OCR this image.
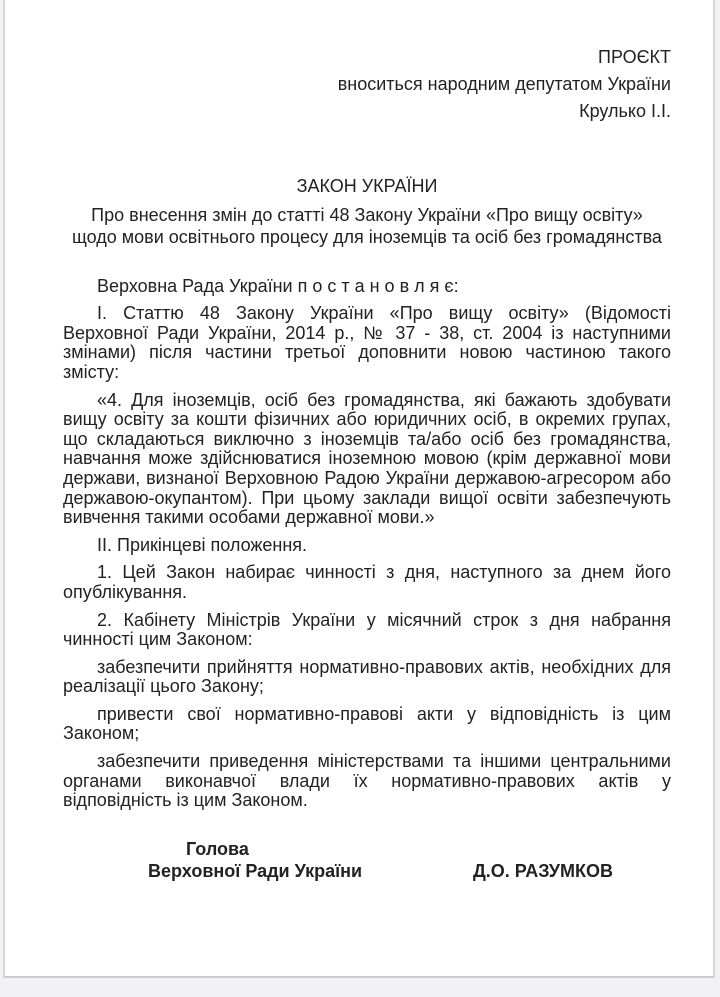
ПРОЄКТ
вноситься народним депутатом України
Крулько І.І.
ЗАКОН УКРАЇНИ
Про внесення змін до статті 48 Закону України «Про вищу освіту»
щодо мови освітнього процесу для іноземців та осіб без громадянства

Верховна Рада України п о с т а н о в л я є:

І. Статтю 48 Закону України «Про вищу освіту» (Відомості Верховної Ради України, 2014 р., № 37 - 38, ст. 2004 із наступними змінами) після частини третьої доповнити новою частиною такого змісту:

«4. Для іноземців, осіб без громадянства, які бажають здобувати вищу освіту за кошти фізичних або юридичних осіб, в окремих групах, що складаються виключно з іноземців та/або осіб без громадянства, навчання може здійснюватися іноземною мовою (крім державної мови держави, визнаної Верховною Радою України державою-агресором або державою-окупантом). При цьому заклади вищої освіти забезпечують вивчення такими особами державної мови.»

ІІ. Прикінцеві положення.

1. Цей Закон набирає чинності з дня, наступного за днем його опублікування.

2. Кабінету Міністрів України у місячний строк з дня набрання чинності цим Законом:

забезпечити прийняття нормативно-правових актів, необхідних для реалізації цього Закону;

привести свої нормативно-правові акти у відповідність із цим Законом;

забезпечити приведення міністерствами та іншими центральними органами виконавчої влади їх нормативно-правових актів у відповідність із цим Законом.

Голова
Верховної Ради України	Д.О. РАЗУМКОВ
